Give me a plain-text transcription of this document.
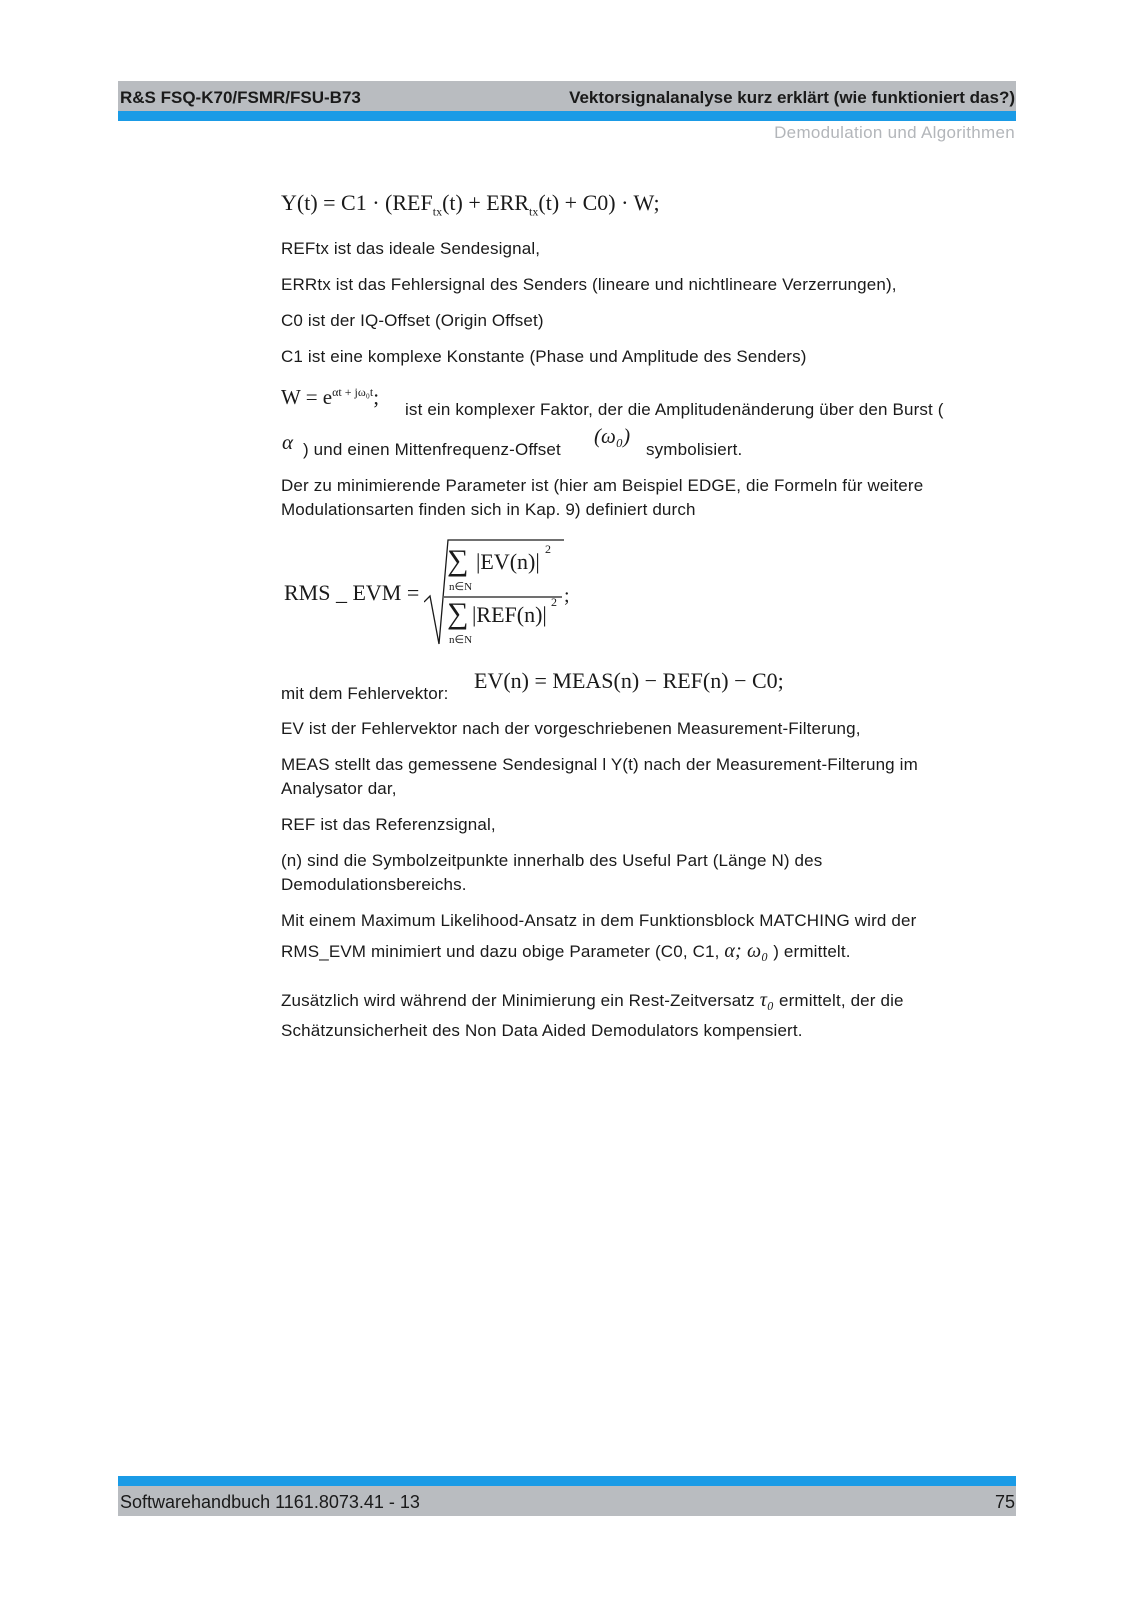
R&S FSQ-K70/FSMR/FSU-B73	Vektorsignalanalyse kurz erklärt (wie funktioniert das?)
Demodulation und Algorithmen
$Y(t) = C1 \cdot (REF_{tx}(t) + ERR_{tx}(t) + C0) \cdot W$;
REFtx ist das ideale Sendesignal,
ERRtx ist das Fehlersignal des Senders (lineare und nichtlineare Verzerrungen),
C0 ist der IQ-Offset (Origin Offset)
C1 ist eine komplexe Konstante (Phase und Amplitude des Senders)
$W = e^{\alpha t + j\omega_0t}$;
ist ein komplexer Faktor, der die Amplitudenänderung über den Burst (
α ) und einen Mittenfrequenz-Offset
(ω₀)
symbolisiert.
Der zu minimierende Parameter ist (hier am Beispiel EDGE, die Formeln für weitere
Modulationsarten finden sich in Kap. 9) definiert durch
RMS _ EVM =
∑
n∈N
|EV(n)| 2
∑
n∈N
|REF(n)| 2 ;
mit dem Fehlervektor:
EV(n) = MEAS(n) − REF(n) − C0;
EV ist der Fehlervektor nach der vorgeschriebenen Measurement-Filterung,
MEAS stellt das gemessene Sendesignal l Y(t) nach der Measurement-Filterung im
Analysator dar,
REF ist das Referenzsignal,
(n) sind die Symbolzeitpunkte innerhalb des Useful Part (Länge N) des
Demodulationsbereichs.
Mit einem Maximum Likelihood-Ansatz in dem Funktionsblock MATCHING wird der
RMS_EVM minimiert und dazu obige Parameter (C0, C1, α; ω₀ ) ermittelt.
Zusätzlich wird während der Minimierung ein Rest-Zeitversatz τ₀ ermittelt, der die
Schätzunsicherheit des Non Data Aided Demodulators kompensiert.
Softwarehandbuch 1161.8073.41 - 13	75
